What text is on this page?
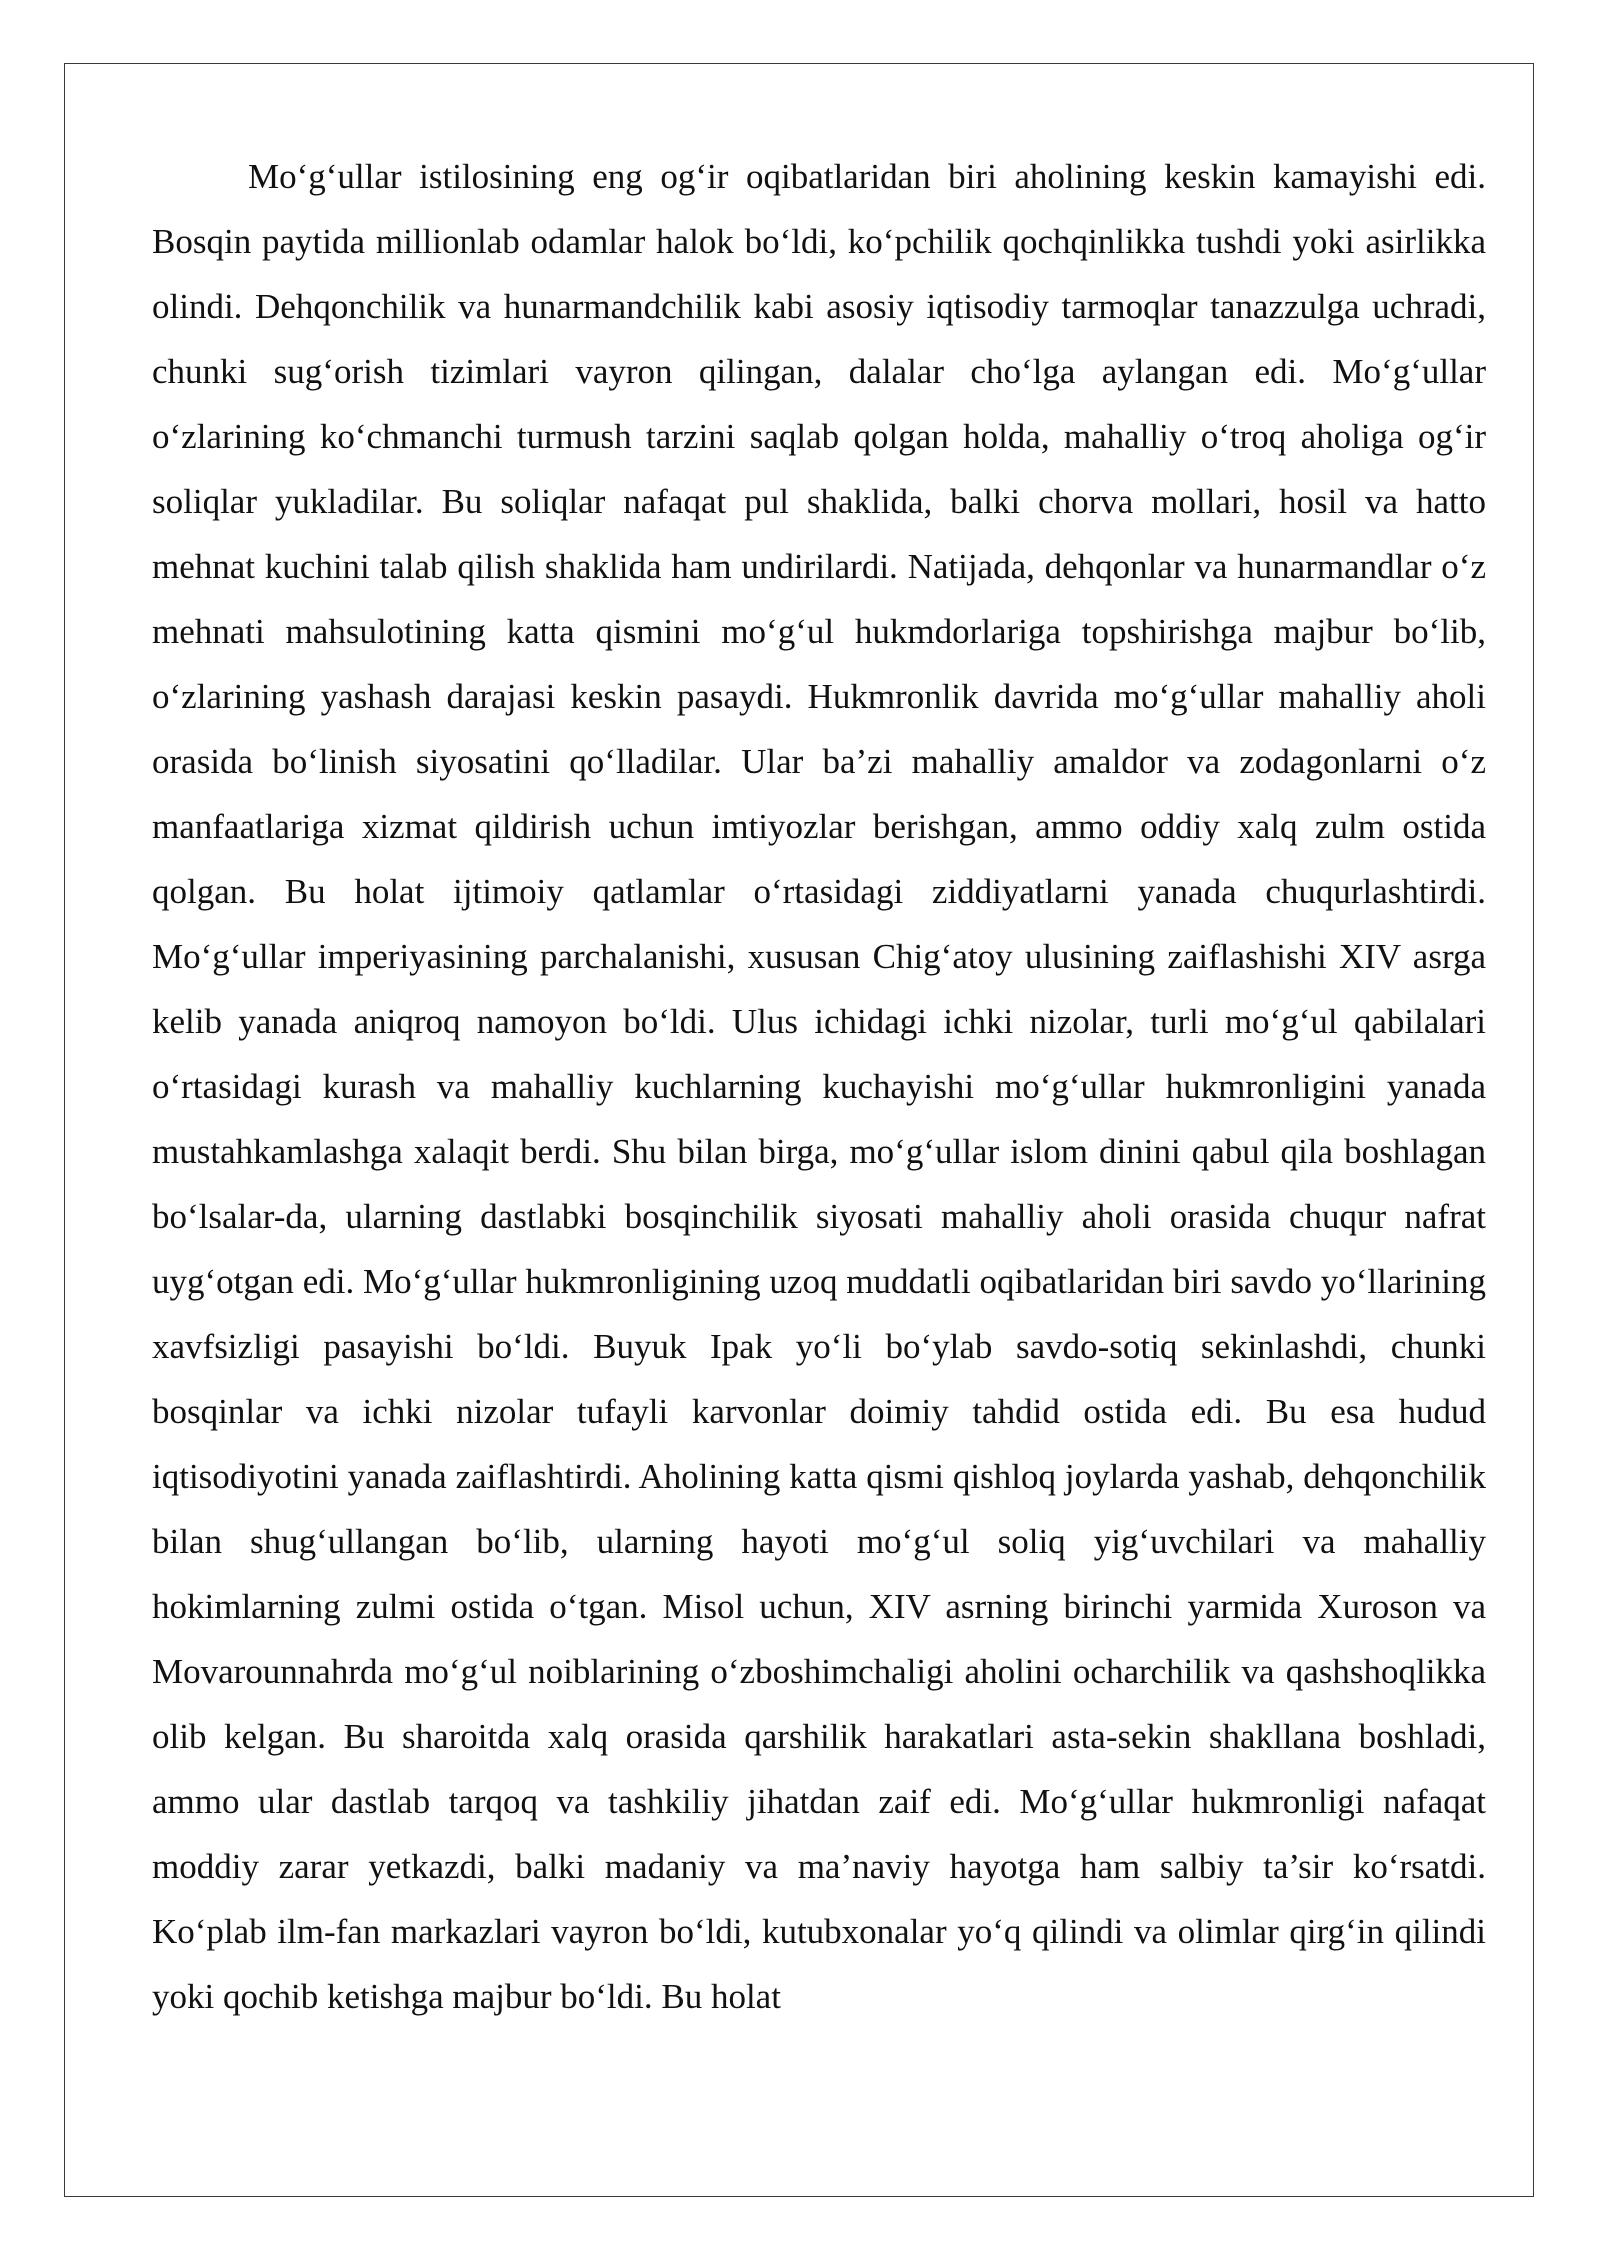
Mo‘g‘ullar istilosining eng og‘ir oqibatlaridan biri aholining keskin kamayishi edi. Bosqin paytida millionlab odamlar halok bo‘ldi, ko‘pchilik qochqinlikka tushdi yoki asirlikka olindi. Dehqonchilik va hunarmandchilik kabi asosiy iqtisodiy tarmoqlar tanazzulga uchradi, chunki sug‘orish tizimlari vayron qilingan, dalalar cho‘lga aylangan edi. Mo‘g‘ullar o‘zlarining ko‘chmanchi turmush tarzini saqlab qolgan holda, mahalliy o‘troq aholiga og‘ir soliqlar yukladilar. Bu soliqlar nafaqat pul shaklida, balki chorva mollari, hosil va hatto mehnat kuchini talab qilish shaklida ham undirilardi. Natijada, dehqonlar va hunarmandlar o‘z mehnati mahsulotining katta qismini mo‘g‘ul hukmdorlariga topshirishga majbur bo‘lib, o‘zlarining yashash darajasi keskin pasaydi. Hukmronlik davrida mo‘g‘ullar mahalliy aholi orasida bo‘linish siyosatini qo‘lladilar. Ular ba’zi mahalliy amaldor va zodagonlarni o‘z manfaatlariga xizmat qildirish uchun imtiyozlar berishgan, ammo oddiy xalq zulm ostida qolgan. Bu holat ijtimoiy qatlamlar o‘rtasidagi ziddiyatlarni yanada chuqurlashtirdi. Mo‘g‘ullar imperiyasining parchalanishi, xususan Chig‘atoy ulusining zaiflashishi XIV asrga kelib yanada aniqroq namoyon bo‘ldi. Ulus ichidagi ichki nizolar, turli mo‘g‘ul qabilalari o‘rtasidagi kurash va mahalliy kuchlarning kuchayishi mo‘g‘ullar hukmronligini yanada mustahkamlashga xalaqit berdi. Shu bilan birga, mo‘g‘ullar islom dinini qabul qila boshlagan bo‘lsalar-da, ularning dastlabki bosqinchilik siyosati mahalliy aholi orasida chuqur nafrat uyg‘otgan edi. Mo‘g‘ullar hukmronligining uzoq muddatli oqibatlaridan biri savdo yo‘llarining xavfsizligi pasayishi bo‘ldi. Buyuk Ipak yo‘li bo‘ylab savdo-sotiq sekinlashdi, chunki bosqinlar va ichki nizolar tufayli karvonlar doimiy tahdid ostida edi. Bu esa hudud iqtisodiyotini yanada zaiflashtirdi. Aholining katta qismi qishloq joylarda yashab, dehqonchilik bilan shug‘ullangan bo‘lib, ularning hayoti mo‘g‘ul soliq yig‘uvchilari va mahalliy hokimlarning zulmi ostida o‘tgan. Misol uchun, XIV asrning birinchi yarmida Xuroson va Movarounnahrda mo‘g‘ul noiblarining o‘zboshimchaligi aholini ocharchilik va qashshoqlikka olib kelgan. Bu sharoitda xalq orasida qarshilik harakatlari asta-sekin shakllana boshladi, ammo ular dastlab tarqoq va tashkiliy jihatdan zaif edi. Mo‘g‘ullar hukmronligi nafaqat moddiy zarar yetkazdi, balki madaniy va ma’naviy hayotga ham salbiy ta’sir ko‘rsatdi. Ko‘plab ilm-fan markazlari vayron bo‘ldi, kutubxonalar yo‘q qilindi va olimlar qirg‘in qilindi yoki qochib ketishga majbur bo‘ldi. Bu holat
